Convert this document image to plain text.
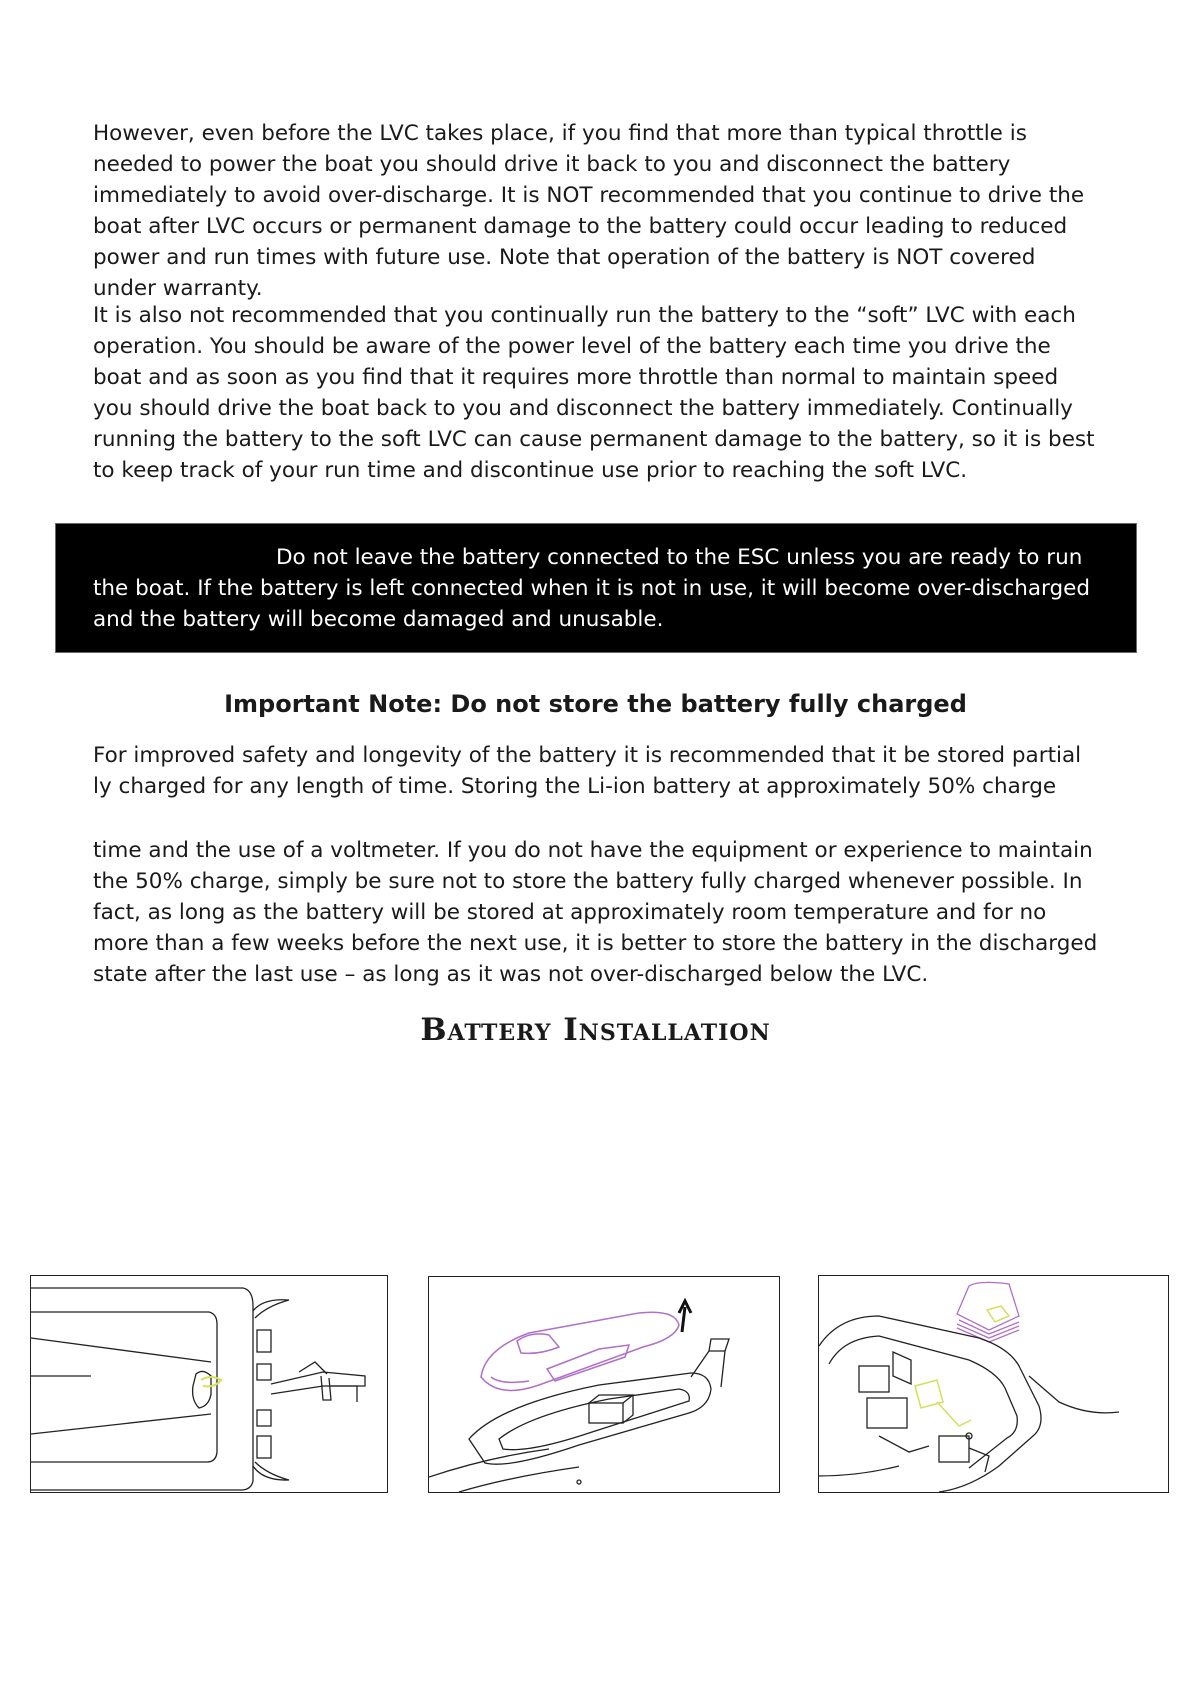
However, even before the LVC takes place, if you find that more than typical throttle is needed to power the boat you should drive it back to you and disconnect the battery immediately to avoid over-discharge. It is NOT recommended that you continue to drive the boat after LVC occurs or permanent damage to the battery could occur leading to reduced power and run times with future use. Note that operation of the battery is NOT covered under warranty.

It is also not recommended that you continually run the battery to the “soft” LVC with each operation. You should be aware of the power level of the battery each time you drive the boat and as soon as you find that it requires more throttle than normal to maintain speed you should drive the boat back to you and disconnect the battery immediately. Continually running the battery to the soft LVC can cause permanent damage to the battery, so it is best to keep track of your run time and discontinue use prior to reaching the soft LVC.

Do not leave the battery connected to the ESC unless you are ready to run the boat. If the battery is left connected when it is not in use, it will become over-discharged and the battery will become damaged and unusable.

Important Note: Do not store the battery fully charged

For improved safety and longevity of the battery it is recommended that it be stored partial ly charged for any length of time. Storing the Li-ion battery at approximately 50% charge

time and the use of a voltmeter. If you do not have the equipment or experience to maintain the 50% charge, simply be sure not to store the battery fully charged whenever possible. In fact, as long as the battery will be stored at approximately room temperature and for no more than a few weeks before the next use, it is better to store the battery in the discharged state after the last use – as long as it was not over-discharged below the LVC.

Battery Installation
